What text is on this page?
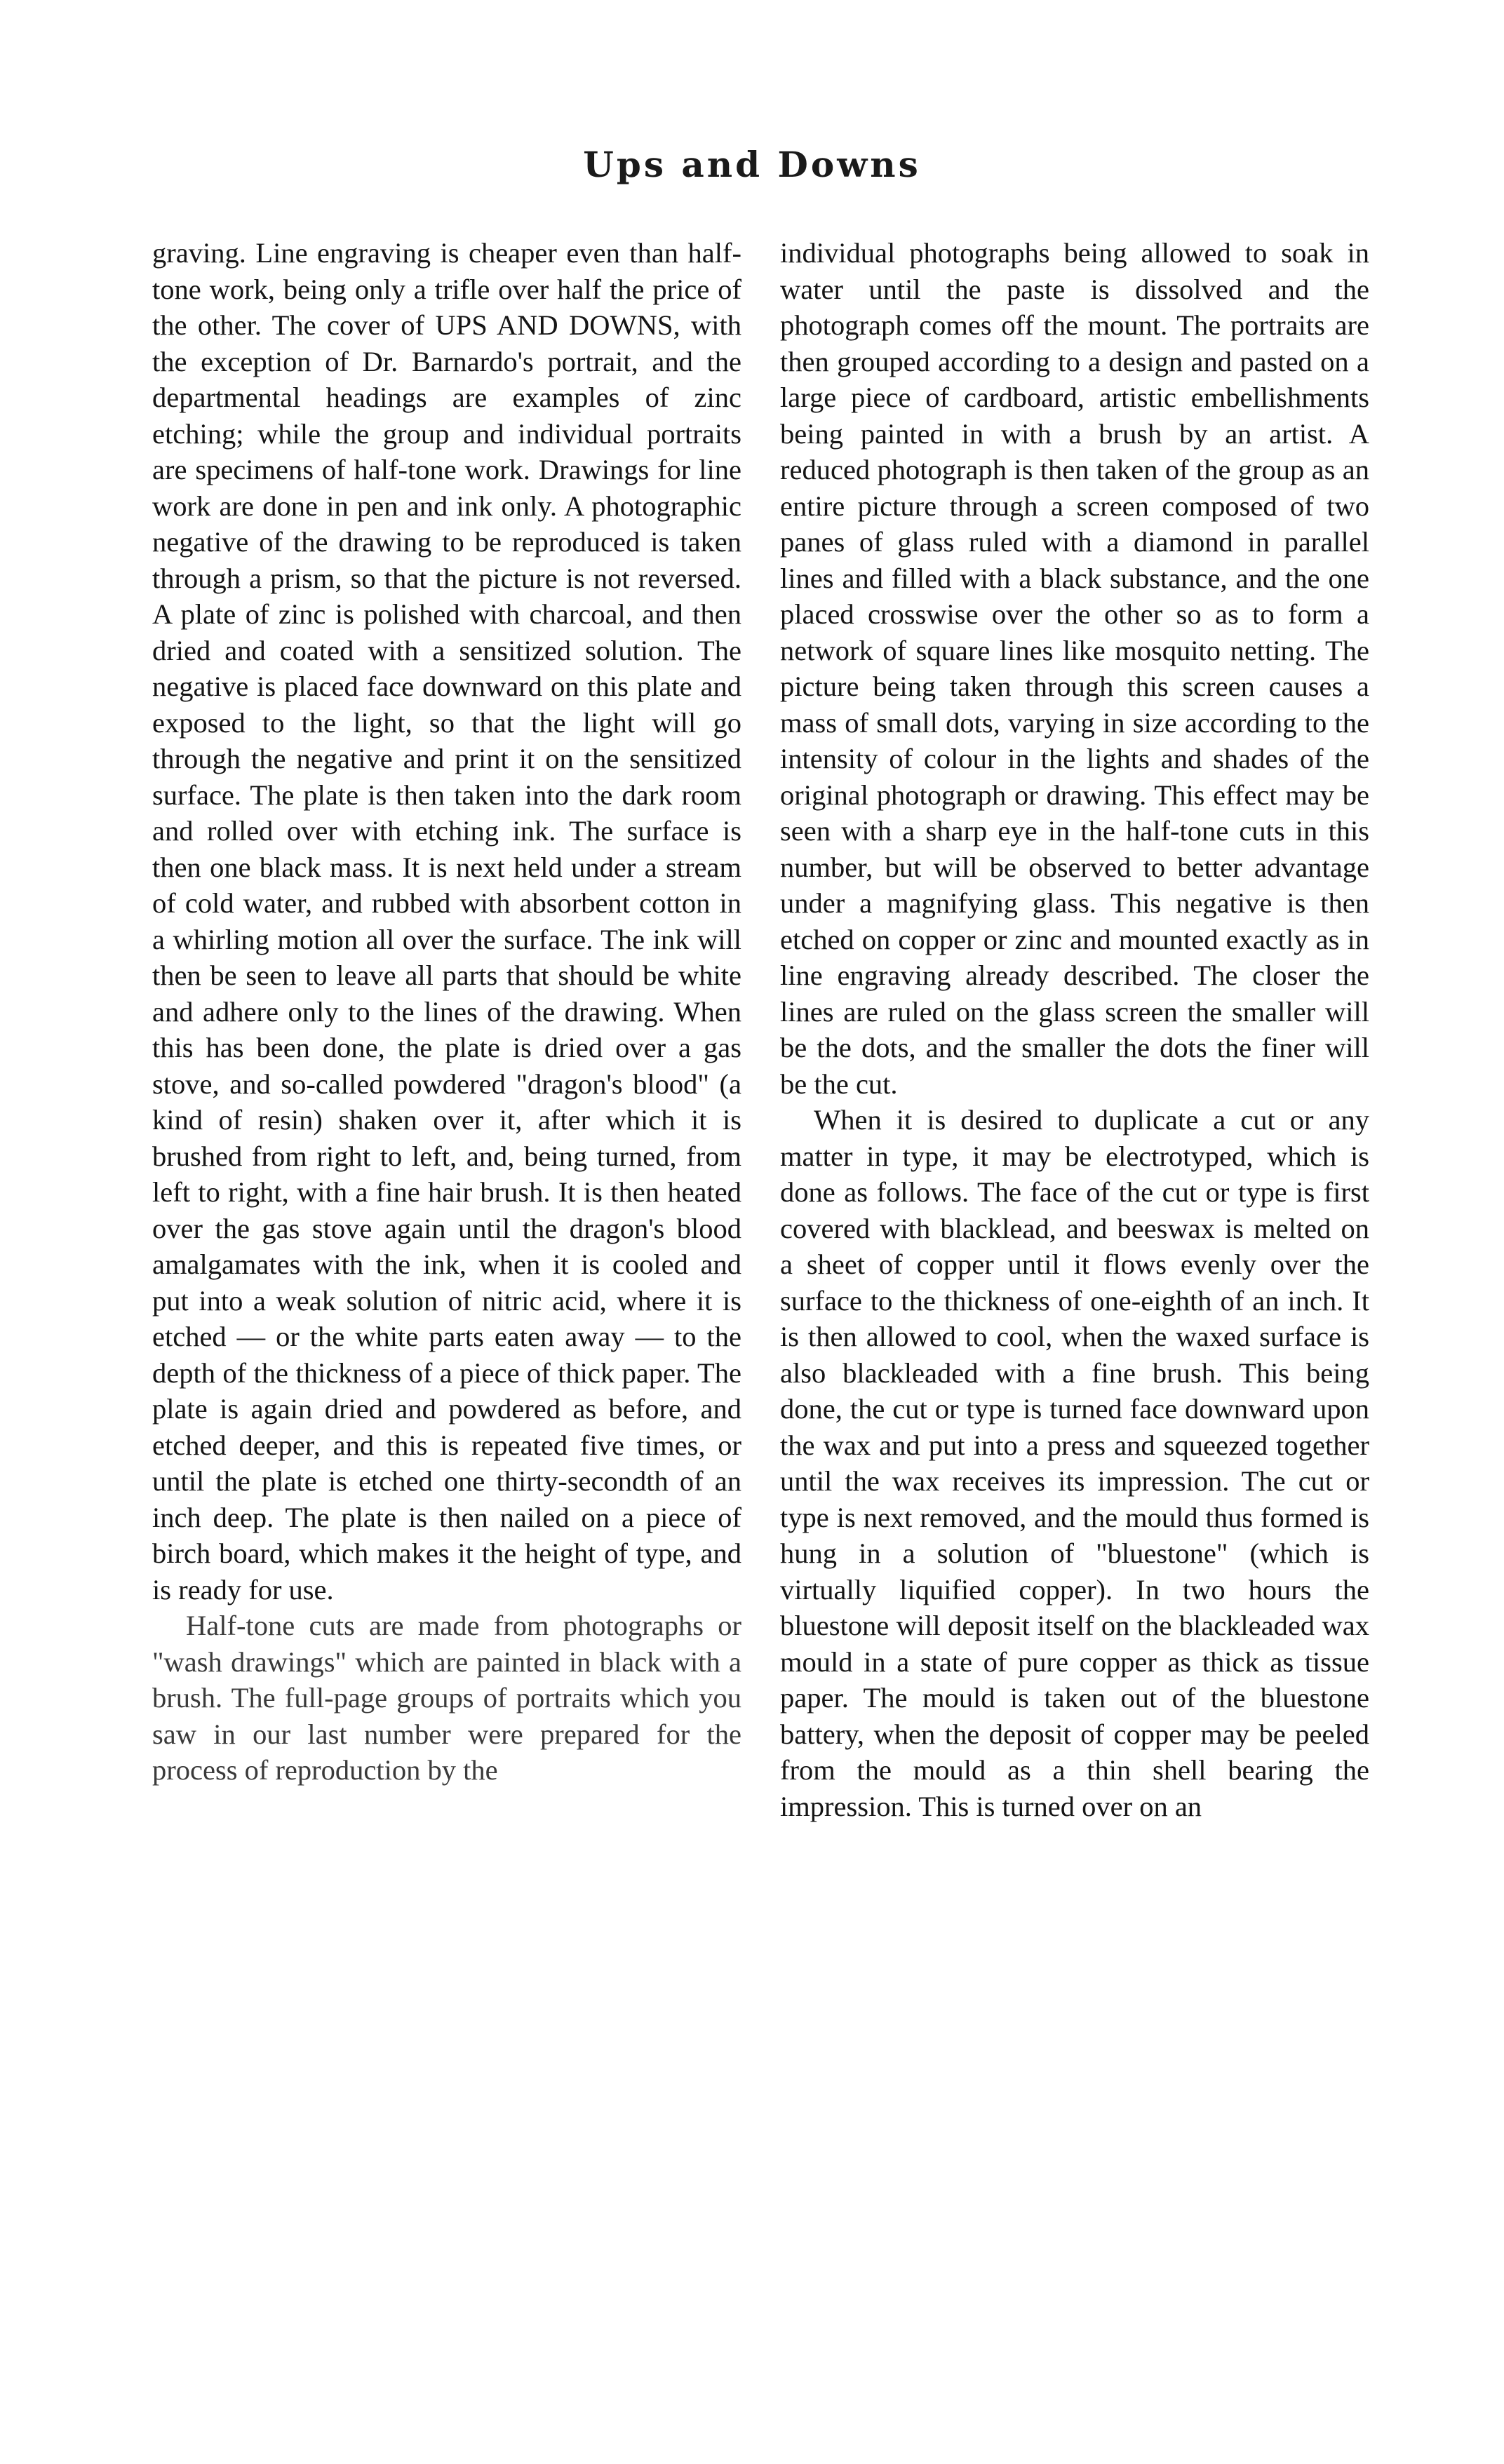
Ups and Downs

graving. Line engraving is cheaper even than half-tone work, being only a trifle over half the price of the other. The cover of UPS AND DOWNS, with the exception of Dr. Barnardo's portrait, and the departmental headings are examples of zinc etching; while the group and individual portraits are specimens of half-tone work. Drawings for line work are done in pen and ink only. A photographic negative of the drawing to be reproduced is taken through a prism, so that the picture is not reversed. A plate of zinc is polished with charcoal, and then dried and coated with a sensitized solution. The negative is placed face downward on this plate and exposed to the light, so that the light will go through the negative and print it on the sensitized surface. The plate is then taken into the dark room and rolled over with etching ink. The surface is then one black mass. It is next held under a stream of cold water, and rubbed with absorbent cotton in a whirling motion all over the surface. The ink will then be seen to leave all parts that should be white and adhere only to the lines of the drawing. When this has been done, the plate is dried over a gas stove, and so-called powdered "dragon's blood" (a kind of resin) shaken over it, after which it is brushed from right to left, and, being turned, from left to right, with a fine hair brush. It is then heated over the gas stove again until the dragon's blood amalgamates with the ink, when it is cooled and put into a weak solution of nitric acid, where it is etched — or the white parts eaten away — to the depth of the thickness of a piece of thick paper. The plate is again dried and powdered as before, and etched deeper, and this is repeated five times, or until the plate is etched one thirty-secondth of an inch deep. The plate is then nailed on a piece of birch board, which makes it the height of type, and is ready for use.

Half-tone cuts are made from photographs or "wash drawings" which are painted in black with a brush. The full-page groups of portraits which you saw in our last number were prepared for the process of reproduction by the

individual photographs being allowed to soak in water until the paste is dissolved and the photograph comes off the mount. The portraits are then grouped according to a design and pasted on a large piece of cardboard, artistic embellishments being painted in with a brush by an artist. A reduced photograph is then taken of the group as an entire picture through a screen composed of two panes of glass ruled with a diamond in parallel lines and filled with a black substance, and the one placed crosswise over the other so as to form a network of square lines like mosquito netting. The picture being taken through this screen causes a mass of small dots, varying in size according to the intensity of colour in the lights and shades of the original photograph or drawing. This effect may be seen with a sharp eye in the half-tone cuts in this number, but will be observed to better advantage under a magnifying glass. This negative is then etched on copper or zinc and mounted exactly as in line engraving already described. The closer the lines are ruled on the glass screen the smaller will be the dots, and the smaller the dots the finer will be the cut.

When it is desired to duplicate a cut or any matter in type, it may be electrotyped, which is done as follows. The face of the cut or type is first covered with blacklead, and beeswax is melted on a sheet of copper until it flows evenly over the surface to the thickness of one-eighth of an inch. It is then allowed to cool, when the waxed surface is also blackleaded with a fine brush. This being done, the cut or type is turned face downward upon the wax and put into a press and squeezed together until the wax receives its impression. The cut or type is next removed, and the mould thus formed is hung in a solution of "bluestone" (which is virtually liquified copper). In two hours the bluestone will deposit itself on the blackleaded wax mould in a state of pure copper as thick as tissue paper. The mould is taken out of the bluestone battery, when the deposit of copper may be peeled from the mould as a thin shell bearing the impression. This is turned over on an
